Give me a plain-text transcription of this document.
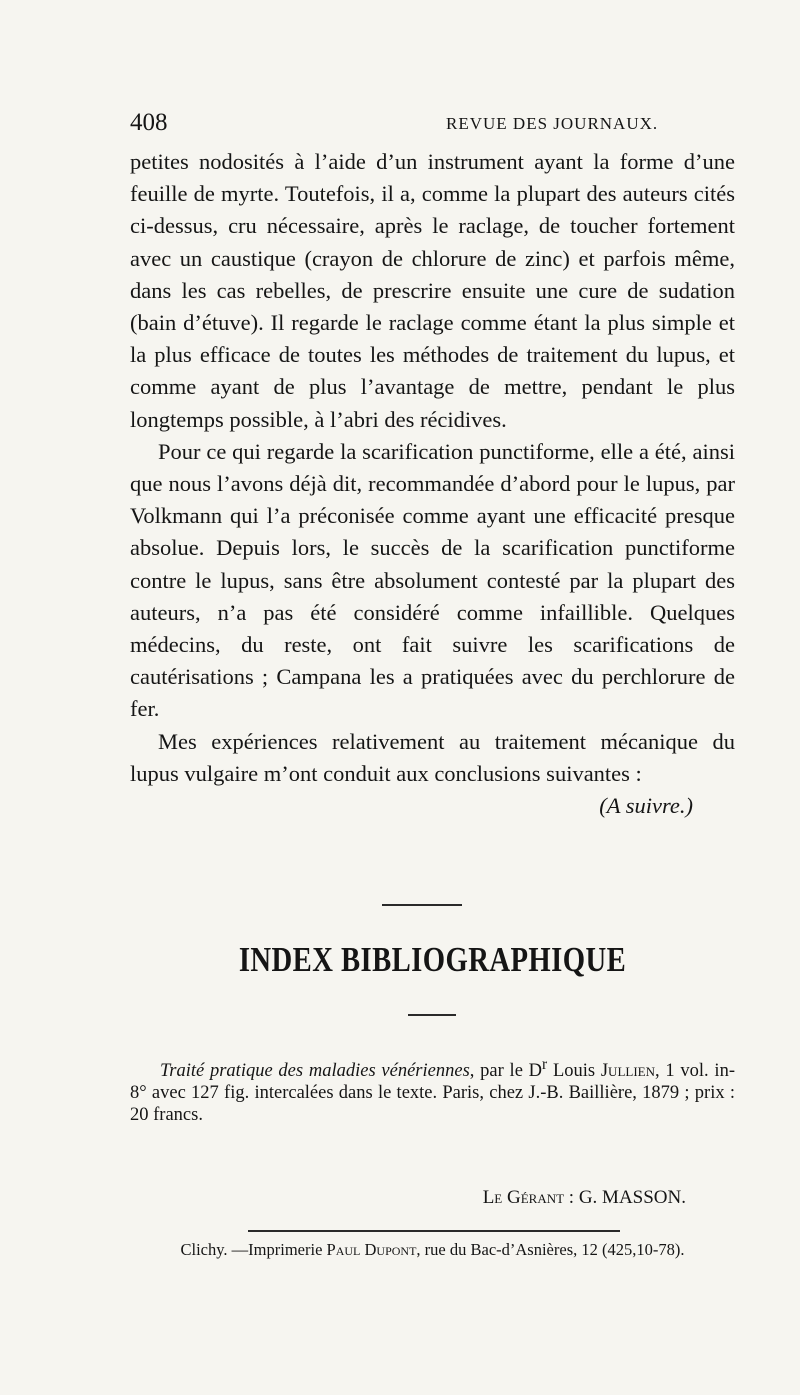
408	REVUE DES JOURNAUX.

petites nodosités à l’aide d’un instrument ayant la forme d’une feuille de myrte. Toutefois, il a, comme la plupart des auteurs cités ci-dessus, cru nécessaire, après le raclage, de toucher fortement avec un caustique (crayon de chlorure de zinc) et parfois même, dans les cas rebelles, de prescrire ensuite une cure de sudation (bain d’étuve). Il regarde le raclage comme étant la plus simple et la plus efficace de toutes les méthodes de traitement du lupus, et comme ayant de plus l’avantage de mettre, pendant le plus longtemps possible, à l’abri des récidives.

Pour ce qui regarde la scarification punctiforme, elle a été, ainsi que nous l’avons déjà dit, recommandée d’abord pour le lupus, par Volkmann qui l’a préconisée comme ayant une efficacité presque absolue. Depuis lors, le succès de la scarification punctiforme contre le lupus, sans être absolument contesté par la plupart des auteurs, n’a pas été considéré comme infaillible. Quelques médecins, du reste, ont fait suivre les scarifications de cautérisations ; Campana les a pratiquées avec du perchlorure de fer.

Mes expériences relativement au traitement mécanique du lupus vulgaire m’ont conduit aux conclusions suivantes :

(A suivre.)

INDEX BIBLIOGRAPHIQUE

Traité pratique des maladies vénériennes, par le $D^r$ Louis Jullien, 1 vol. in-8° avec 127 fig. intercalées dans le texte. Paris, chez J.-B. Baillière, 1879 ; prix : 20 francs.

Le Gérant : G. MASSON.
Clichy. —Imprimerie Paul Dupont, rue du Bac-d’Asnières, 12 (425,10-78).
